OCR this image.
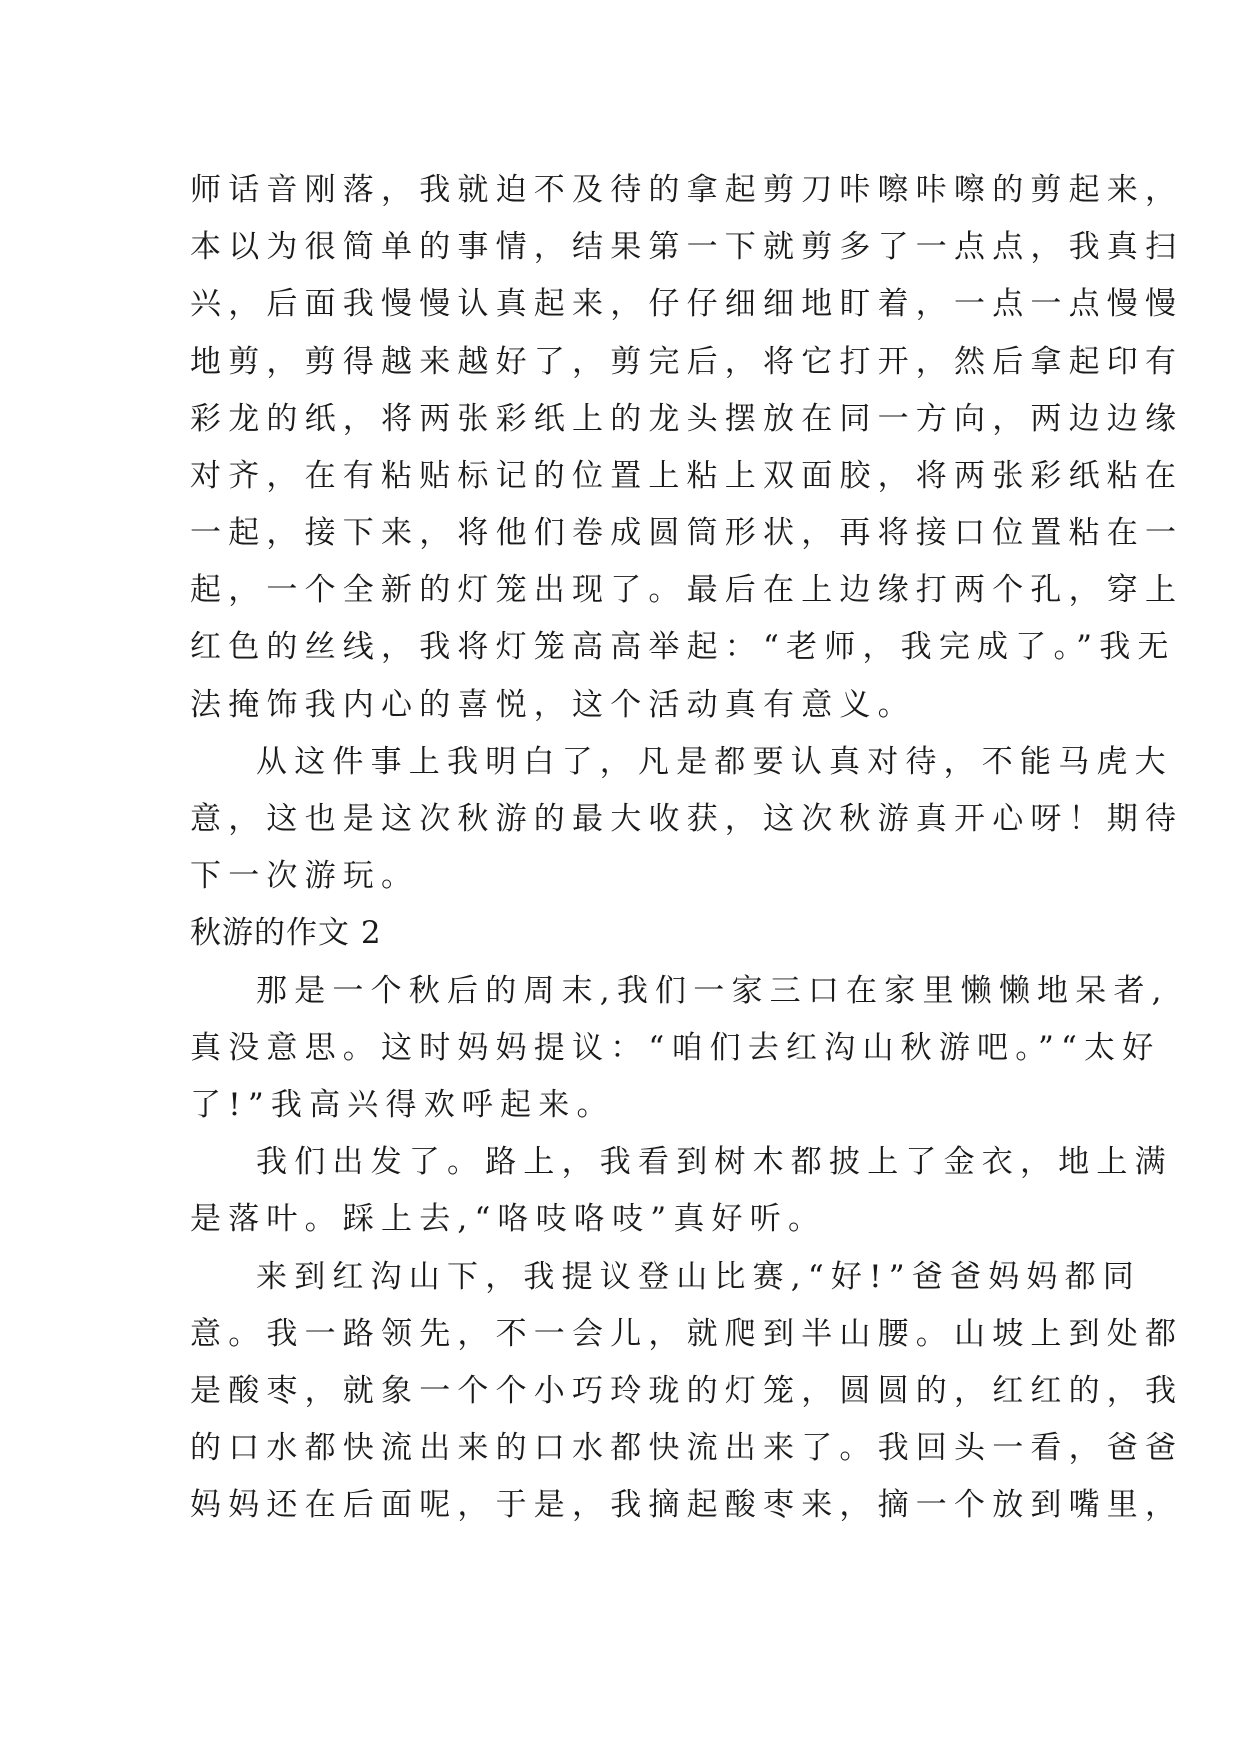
师话音刚落，我就迫不及待的拿起剪刀咔嚓咔嚓的剪起来，
本以为很简单的事情，结果第一下就剪多了一点点，我真扫
兴，后面我慢慢认真起来，仔仔细细地盯着，一点一点慢慢
地剪，剪得越来越好了，剪完后，将它打开，然后拿起印有
彩龙的纸，将两张彩纸上的龙头摆放在同一方向，两边边缘
对齐，在有粘贴标记的位置上粘上双面胶，将两张彩纸粘在
一起，接下来，将他们卷成圆筒形状，再将接口位置粘在一
起，一个全新的灯笼出现了。最后在上边缘打两个孔，穿上
红色的丝线，我将灯笼高高举起：“老师，我完成了。”我无
法掩饰我内心的喜悦，这个活动真有意义。
从这件事上我明白了，凡是都要认真对待，不能马虎大
意，这也是这次秋游的最大收获，这次秋游真开心呀！期待
下一次游玩。
秋游的作文 2
那是一个秋后的周末,我们一家三口在家里懒懒地呆者,
真没意思。这时妈妈提议：“咱们去红沟山秋游吧。”“太好
了!”我高兴得欢呼起来。
我们出发了。路上，我看到树木都披上了金衣，地上满
是落叶。踩上去,“咯吱咯吱”真好听。
来到红沟山下，我提议登山比赛,“好!”爸爸妈妈都同
意。我一路领先，不一会儿，就爬到半山腰。山坡上到处都
是酸枣，就象一个个小巧玲珑的灯笼，圆圆的，红红的，我
的口水都快流出来的口水都快流出来了。我回头一看，爸爸
妈妈还在后面呢，于是，我摘起酸枣来，摘一个放到嘴里，
